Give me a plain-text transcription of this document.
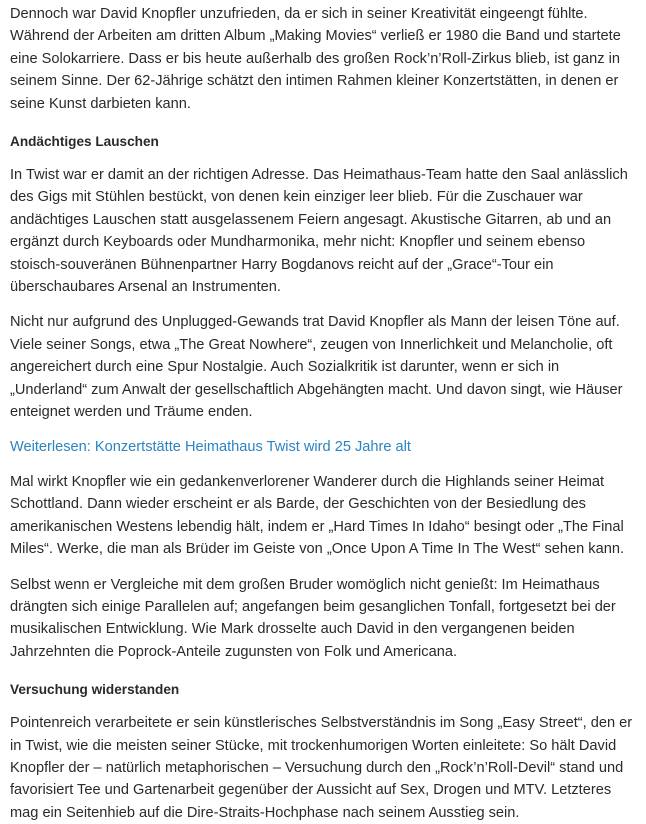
Dennoch war David Knopfler unzufrieden, da er sich in seiner Kreativität eingeengt fühlte. Während der Arbeiten am dritten Album „Making Movies“ verließ er 1980 die Band und startete eine Solokarriere. Dass er bis heute außerhalb des großen Rock’n’Roll-Zirkus blieb, ist ganz in seinem Sinne. Der 62-Jährige schätzt den intimen Rahmen kleiner Konzertstätten, in denen er seine Kunst darbieten kann.

Andächtiges Lauschen

In Twist war er damit an der richtigen Adresse. Das Heimathaus-Team hatte den Saal anlässlich des Gigs mit Stühlen bestückt, von denen kein einziger leer blieb. Für die Zuschauer war andächtiges Lauschen statt ausgelassenem Feiern angesagt. Akustische Gitarren, ab und an ergänzt durch Keyboards oder Mundharmonika, mehr nicht: Knopfler und seinem ebenso stoisch-souveränen Bühnenpartner Harry Bogdanovs reicht auf der „Grace“-Tour ein überschaubares Arsenal an Instrumenten.

Nicht nur aufgrund des Unplugged-Gewands trat David Knopfler als Mann der leisen Töne auf. Viele seiner Songs, etwa „The Great Nowhere“, zeugen von Innerlichkeit und Melancholie, oft angereichert durch eine Spur Nostalgie. Auch Sozialkritik ist darunter, wenn er sich in „Underland“ zum Anwalt der gesellschaftlich Abgehängten macht. Und davon singt, wie Häuser enteignet werden und Träume enden.

Weiterlesen: Konzertstätte Heimathaus Twist wird 25 Jahre alt

Mal wirkt Knopfler wie ein gedankenverlorener Wanderer durch die Highlands seiner Heimat Schottland. Dann wieder erscheint er als Barde, der Geschichten von der Besiedlung des amerikanischen Westens lebendig hält, indem er „Hard Times In Idaho“ besingt oder „The Final Miles“. Werke, die man als Brüder im Geiste von „Once Upon A Time In The West“ sehen kann.

Selbst wenn er Vergleiche mit dem großen Bruder womöglich nicht genießt: Im Heimathaus drängten sich einige Parallelen auf; angefangen beim gesanglichen Tonfall, fortgesetzt bei der musikalischen Entwicklung. Wie Mark drosselte auch David in den vergangenen beiden Jahrzehnten die Poprock-Anteile zugunsten von Folk und Americana.

Versuchung widerstanden

Pointenreich verarbeitete er sein künstlerisches Selbstverständnis im Song „Easy Street“, den er in Twist, wie die meisten seiner Stücke, mit trockenhumorigen Worten einleitete: So hält David Knopfler der – natürlich metaphorischen – Versuchung durch den „Rock’n’Roll-Devil“ stand und favorisiert Tee und Gartenarbeit gegenüber der Aussicht auf Sex, Drogen und MTV. Letzteres mag ein Seitenhieb auf die Dire-Straits-Hochphase nach seinem Ausstieg sein.
